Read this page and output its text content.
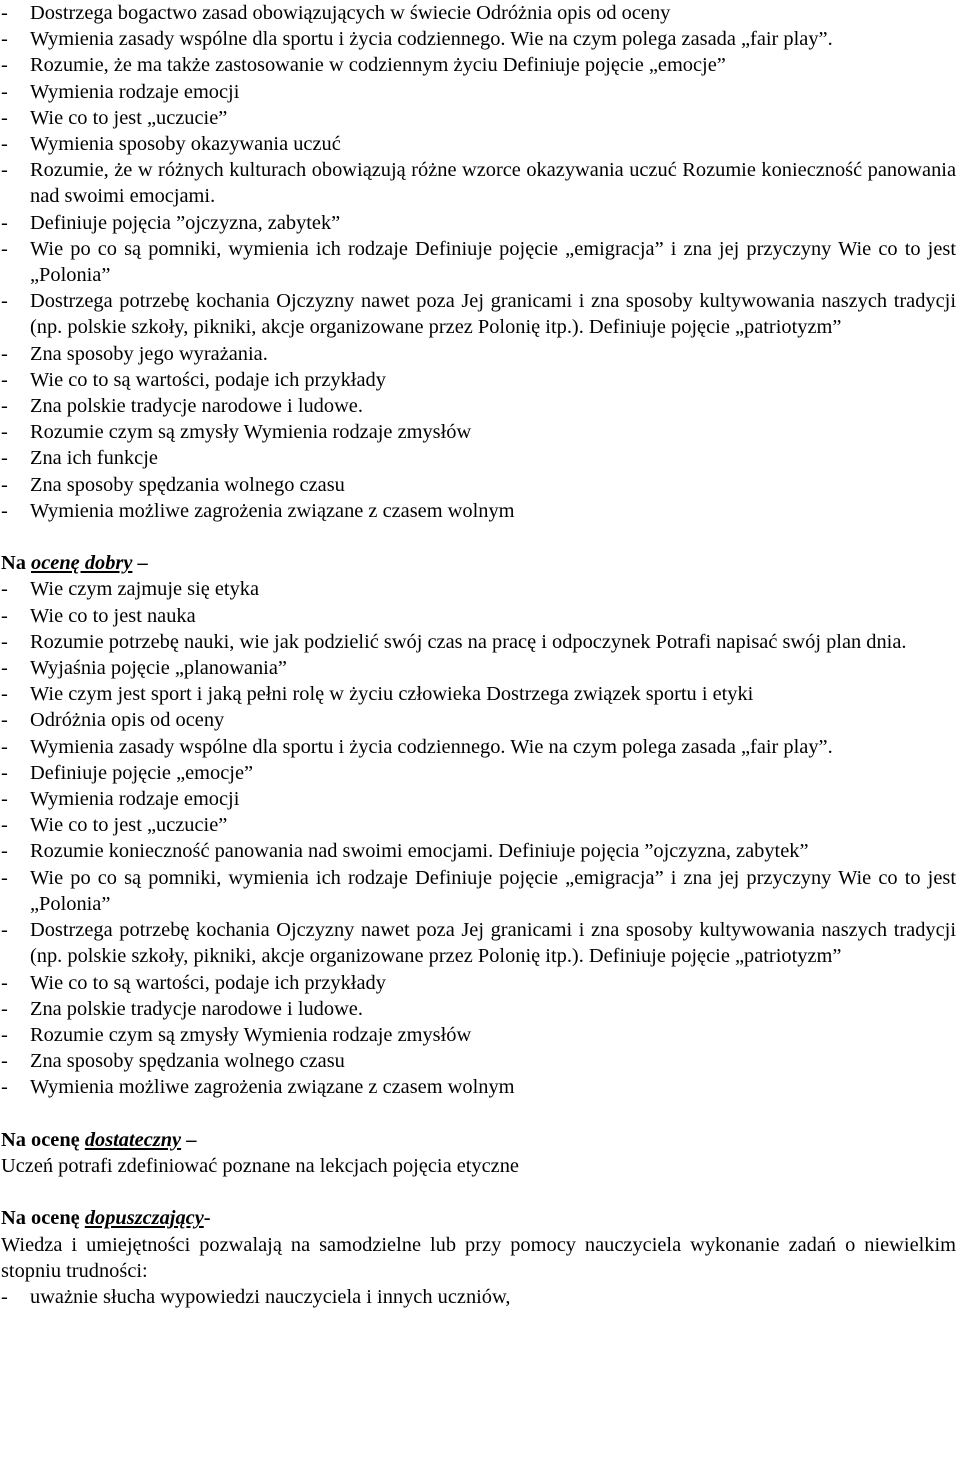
- Dostrzega bogactwo zasad obowiązujących w świecie Odróżnia opis od oceny
- Wymienia zasady wspólne dla sportu i życia codziennego. Wie na czym polega zasada „fair play”.
- Rozumie, że ma także zastosowanie w codziennym życiu Definiuje pojęcie „emocje”
- Wymienia rodzaje emocji
- Wie co to jest „uczucie”
- Wymienia sposoby okazywania uczuć
- Rozumie, że w różnych kulturach obowiązują różne wzorce okazywania uczuć Rozumie konieczność panowania nad swoimi emocjami.
- Definiuje pojęcia ”ojczyzna, zabytek”
- Wie po co są pomniki, wymienia ich rodzaje Definiuje pojęcie „emigracja” i zna jej przyczyny Wie co to jest „Polonia”
- Dostrzega potrzebę kochania Ojczyzny nawet poza Jej granicami i zna sposoby kultywowania naszych tradycji (np. polskie szkoły, pikniki, akcje organizowane przez Polonię itp.). Definiuje pojęcie „patriotyzm”
- Zna sposoby jego wyrażania.
- Wie co to są wartości, podaje ich przykłady
- Zna polskie tradycje narodowe i ludowe.
- Rozumie czym są zmysły Wymienia rodzaje zmysłów
- Zna ich funkcje
- Zna sposoby spędzania wolnego czasu
- Wymienia możliwe zagrożenia związane z czasem wolnym
Na ocenę dobry –
- Wie czym zajmuje się etyka
- Wie co to jest nauka
- Rozumie potrzebę nauki, wie jak podzielić swój czas na pracę i odpoczynek Potrafi napisać swój plan dnia.
- Wyjaśnia pojęcie „planowania”
- Wie czym jest sport i jaką pełni rolę w życiu człowieka Dostrzega związek sportu i etyki
- Odróżnia opis od oceny
- Wymienia zasady wspólne dla sportu i życia codziennego. Wie na czym polega zasada „fair play”.
- Definiuje pojęcie „emocje”
- Wymienia rodzaje emocji
- Wie co to jest „uczucie”
- Rozumie konieczność panowania nad swoimi emocjami. Definiuje pojęcia ”ojczyzna, zabytek”
- Wie po co są pomniki, wymienia ich rodzaje Definiuje pojęcie „emigracja” i zna jej przyczyny Wie co to jest „Polonia”
- Dostrzega potrzebę kochania Ojczyzny nawet poza Jej granicami i zna sposoby kultywowania naszych tradycji (np. polskie szkoły, pikniki, akcje organizowane przez Polonię itp.). Definiuje pojęcie „patriotyzm”
- Wie co to są wartości, podaje ich przykłady
- Zna polskie tradycje narodowe i ludowe.
- Rozumie czym są zmysły Wymienia rodzaje zmysłów
- Zna sposoby spędzania wolnego czasu
- Wymienia możliwe zagrożenia związane z czasem wolnym
Na ocenę dostateczny –
Uczeń potrafi zdefiniować poznane na lekcjach pojęcia etyczne
Na ocenę dopuszczający-
Wiedza i umiejętności pozwalają na samodzielne lub przy pomocy nauczyciela wykonanie zadań o niewielkim stopniu trudności:
- uważnie słucha wypowiedzi nauczyciela i innych uczniów,
